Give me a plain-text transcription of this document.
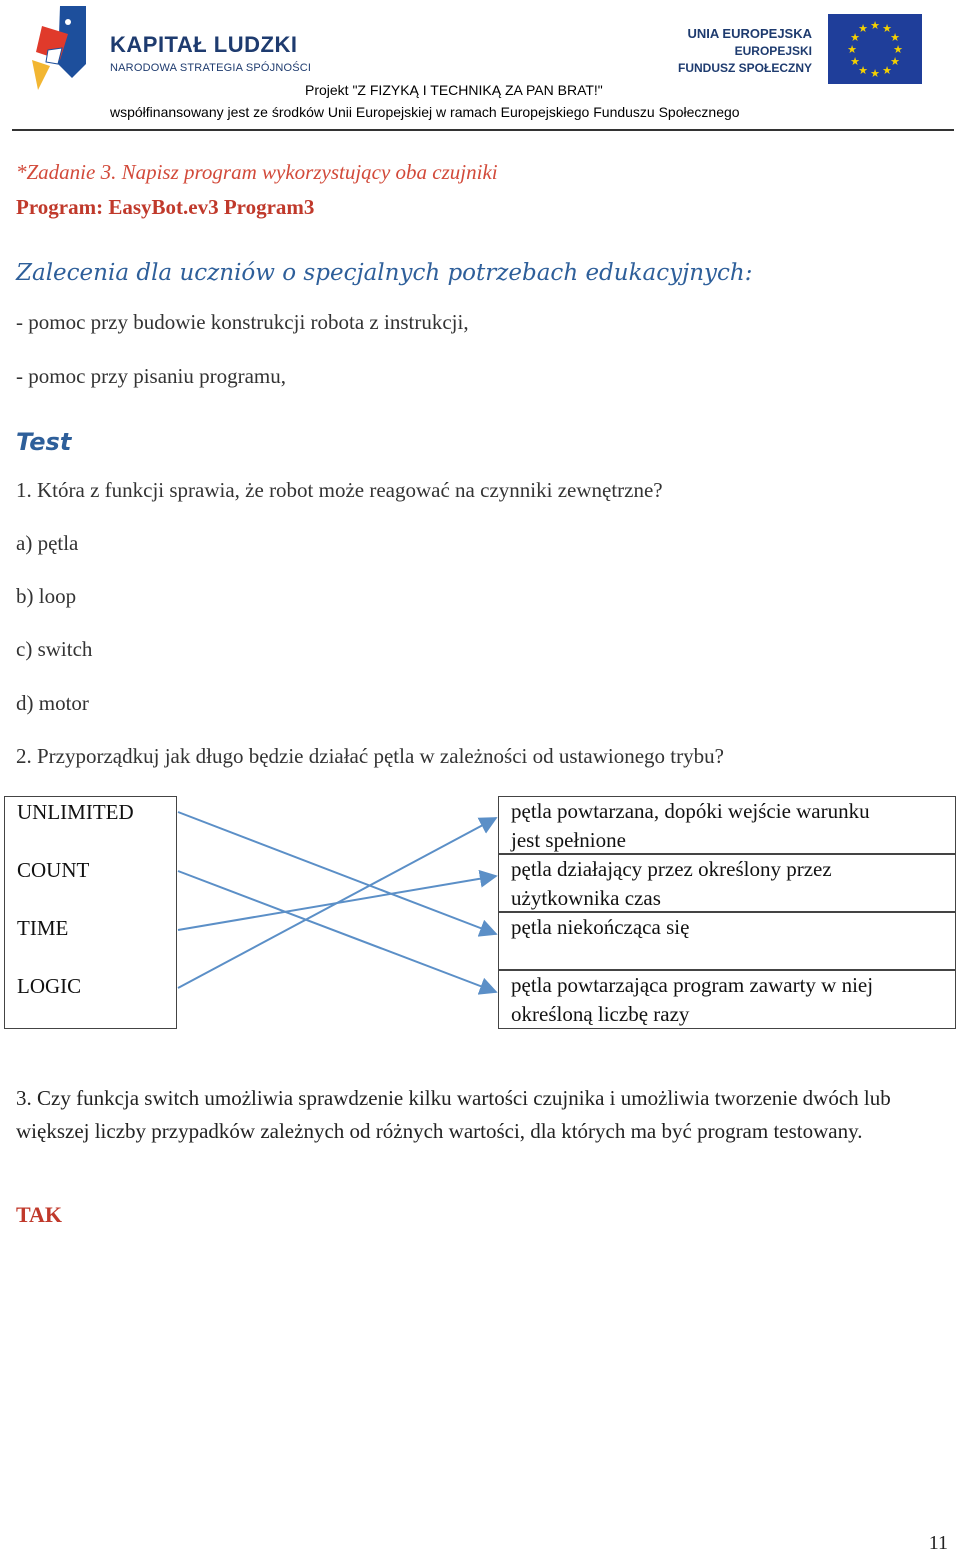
KAPITAŁ LUDZKI
NARODOWA STRATEGIA SPÓJNOŚCI
UNIA EUROPEJSKA
EUROPEJSKI
FUNDUSZ SPOŁECZNY
★ ★
★
★
★
★
★
★
★
★
★
★
Projekt "Z FIZYKĄ I TECHNIKĄ ZA PAN BRAT!"
współfinansowany jest ze środków Unii Europejskiej w ramach Europejskiego Funduszu Społecznego
*Zadanie 3. Napisz program wykorzystujący oba czujniki
Program: EasyBot.ev3 Program3
Zalecenia dla uczniów o specjalnych potrzebach edukacyjnych:
- pomoc przy budowie konstrukcji robota z instrukcji,
- pomoc przy pisaniu programu,
Test
1. Która z funkcji sprawia, że robot może reagować na czynniki zewnętrzne?
a) pętla
b) loop
c) switch
d) motor
2. Przyporządkuj jak długo będzie działać pętla w zależności od ustawionego trybu?
UNLIMITED
COUNT
TIME
LOGIC
pętla powtarzana, dopóki wejście warunku
jest spełnione
pętla działający przez określony przez
użytkownika czas
pętla niekończąca się
pętla powtarzająca program zawarty w niej
określoną liczbę razy
3. Czy funkcja switch umożliwia sprawdzenie kilku wartości czujnika i umożliwia tworzenie dwóch lub większej liczby przypadków zależnych od różnych wartości, dla których ma być program testowany.
TAK
11
